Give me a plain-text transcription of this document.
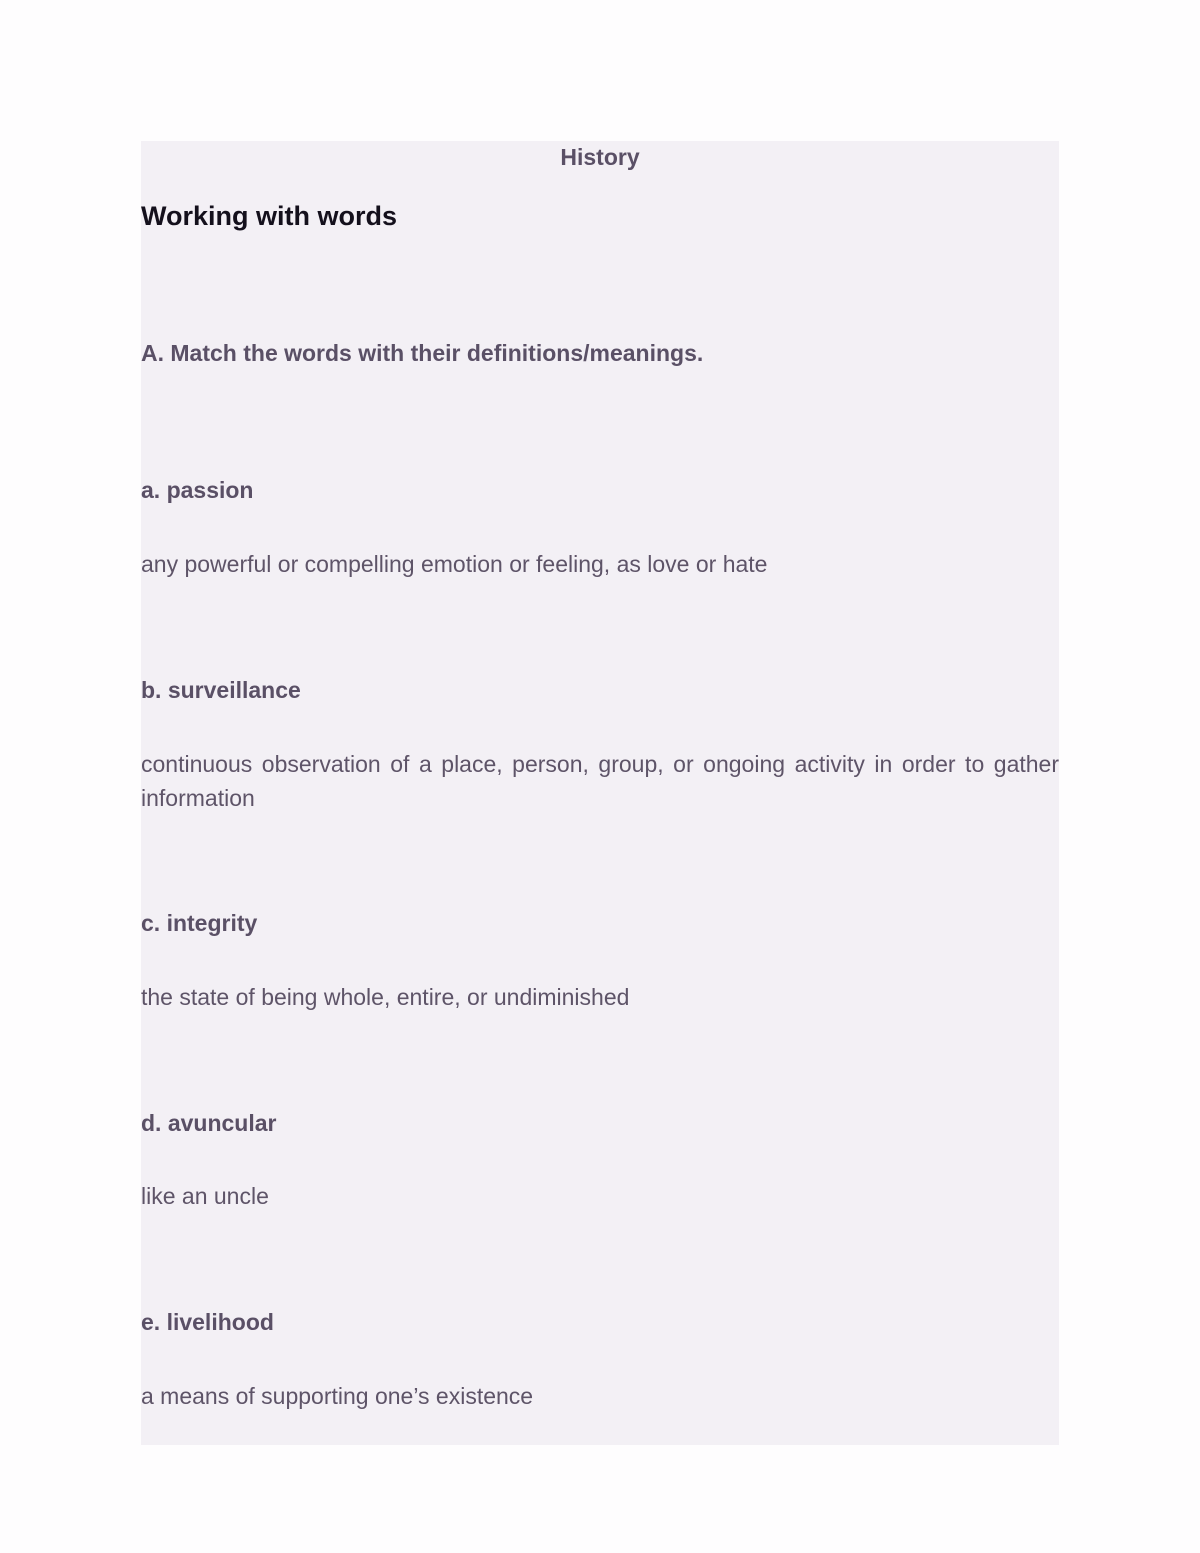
History
Working with words
A. Match the words with their definitions/meanings.
a. passion
any powerful or compelling emotion or feeling, as love or hate
b. surveillance
continuous observation of a place, person, group, or ongoing activity in order to gather information
c. integrity
the state of being whole, entire, or undiminished
d. avuncular
like an uncle
e. livelihood
a means of supporting one’s existence
